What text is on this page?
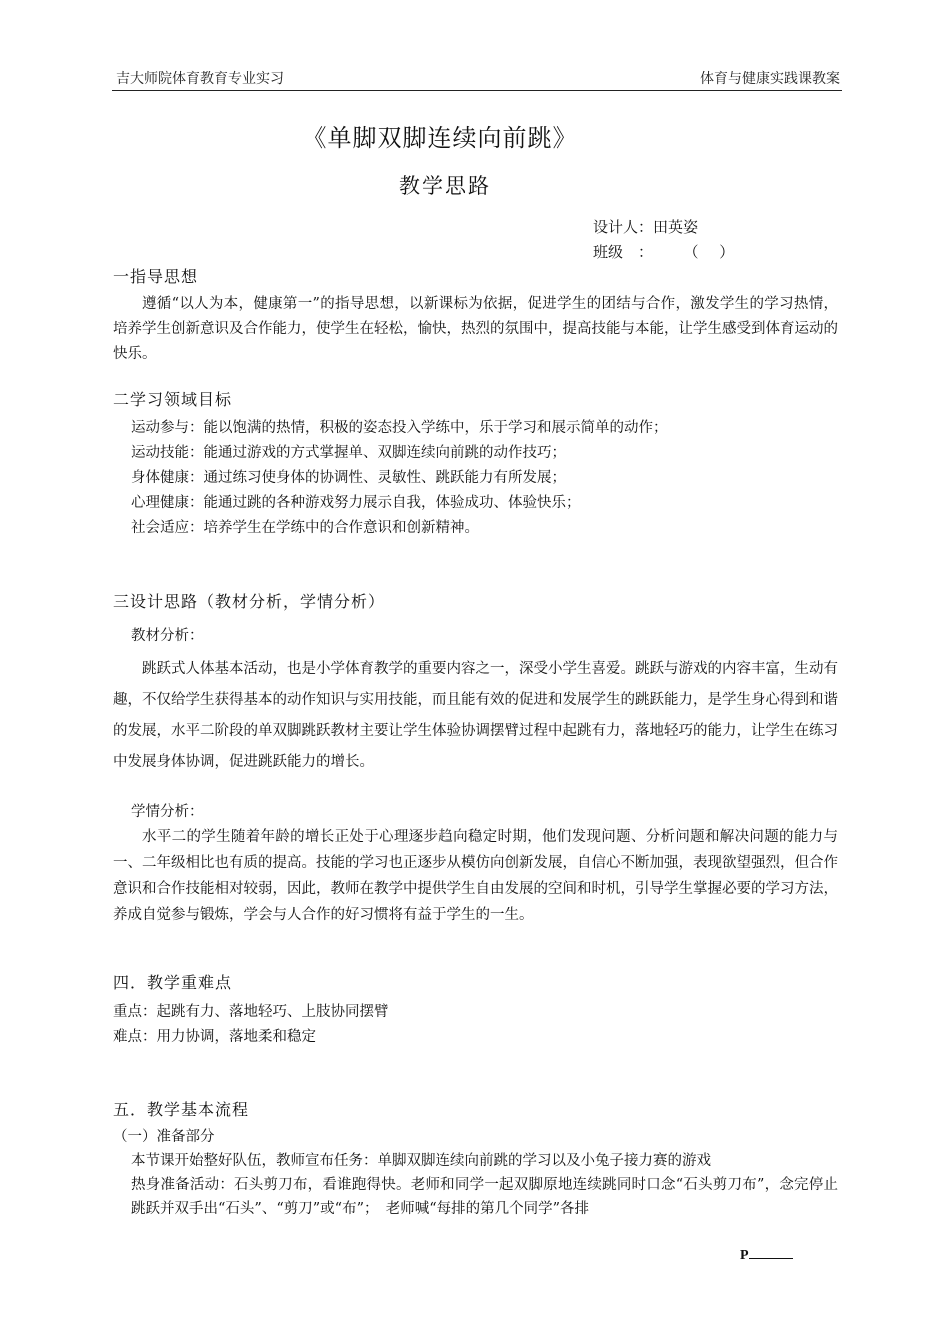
吉大师院体育教育专业实习	体育与健康实践课教案
《单脚双脚连续向前跳》
教学思路
设计人：田英姿
班级　：	（ ）
一指导思想

遵循“以人为本，健康第一”的指导思想，以新课标为依据，促进学生的团结与合作，激发学生的学习热情，培养学生创新意识及合作能力，使学生在轻松，愉快，热烈的氛围中，提高技能与本能，让学生感受到体育运动的快乐。

二学习领域目标
运动参与：能以饱满的热情，积极的姿态投入学练中，乐于学习和展示简单的动作；
运动技能：能通过游戏的方式掌握单、双脚连续向前跳的动作技巧；
身体健康：通过练习使身体的协调性、灵敏性、跳跃能力有所发展；
心理健康：能通过跳的各种游戏努力展示自我，体验成功、体验快乐；
社会适应：培养学生在学练中的合作意识和创新精神。
三设计思路（教材分析，学情分析）
教材分析：

跳跃式人体基本活动，也是小学体育教学的重要内容之一，深受小学生喜爱。跳跃与游戏的内容丰富，生动有趣，不仅给学生获得基本的动作知识与实用技能，而且能有效的促进和发展学生的跳跃能力，是学生身心得到和谐的发展，水平二阶段的单双脚跳跃教材主要让学生体验协调摆臂过程中起跳有力，落地轻巧的能力，让学生在练习中发展身体协调，促进跳跃能力的增长。

学情分析：

水平二的学生随着年龄的增长正处于心理逐步趋向稳定时期，他们发现问题、分析问题和解决问题的能力与一、二年级相比也有质的提高。技能的学习也正逐步从模仿向创新发展，自信心不断加强，表现欲望强烈，但合作意识和合作技能相对较弱，因此，教师在教学中提供学生自由发展的空间和时机，引导学生掌握必要的学习方法，养成自觉参与锻炼，学会与人合作的好习惯将有益于学生的一生。

四．教学重难点
重点：起跳有力、落地轻巧、上肢协同摆臂
难点：用力协调，落地柔和稳定
五．教学基本流程
（一）准备部分
本节课开始整好队伍，教师宣布任务：单脚双脚连续向前跳的学习以及小兔子接力赛的游戏

热身准备活动：石头剪刀布，看谁跑得快。老师和同学一起双脚原地连续跳同时口念“石头剪刀布”，念完停止跳跃并双手出“石头”、“剪刀”或“布”；　老师喊“每排的第几个同学”各排

P
